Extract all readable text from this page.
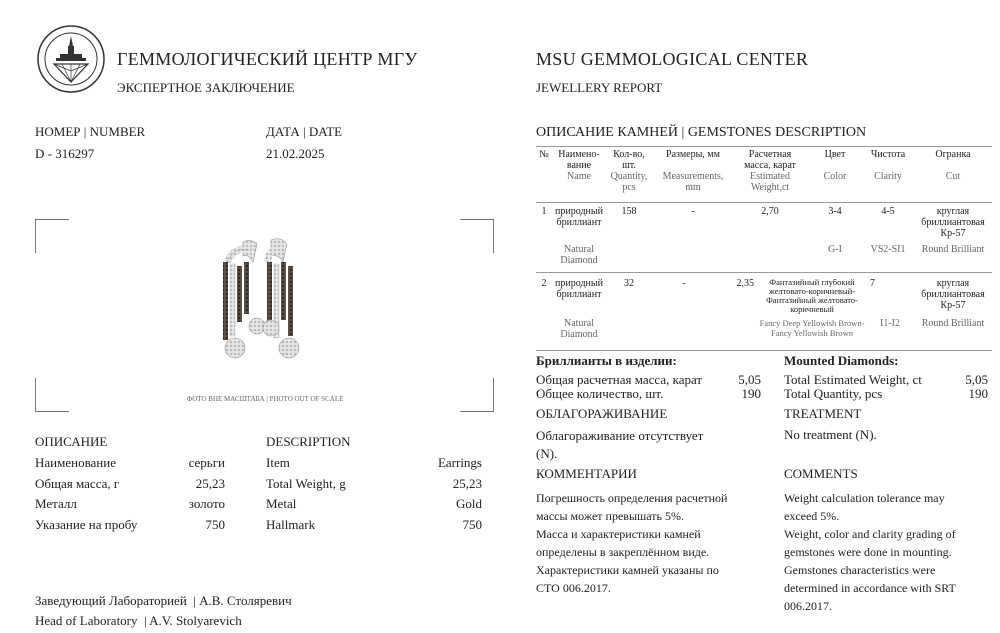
ГЕММОЛОГИЧЕСКИЙ ЦЕНТР МГУ
ЭКСПЕРТНОЕ ЗАКЛЮЧЕНИЕ
MSU GEMMOLOGICAL CENTER
JEWELLERY REPORT
НОМЕР | NUMBER
D - 316297
ДАТА | DATE
21.02.2025
ФОТО ВНЕ МАСШТАБА | PHOTO OUT OF SCALE
ОПИСАНИЕ
Наименование	серьги
Общая масса, г	25,23
Металл	золото
Указание на пробу	750
DESCRIPTION
Item	Earrings
Total Weight, g	25,23
Metal	Gold
Hallmark	750
Заведующий Лабораторией  | А.В. Столяревич
Head of Laboratory  | A.V. Stolyarevich
ОПИСАНИЕ КАМНЕЙ | GEMSTONES DESCRIPTION
№	Наимено-вание	Кол-во, шт.	Размеры, мм	Расчетная масса, карат	Цвет	Чистота	Огранка
	Name	Quantity, pcs	Measurements, mm	Estimated Weight,ct	Color	Clarity	Cut
1	природный бриллиант	158	-	2,70	3-4	4-5	круглая бриллиантовая Кр-57
	Natural Diamond				G-I	VS2-SI1	Round Brilliant
2	природный бриллиант	32	-	2,35	Фантазийный глубокий желтовато-коричневый-Фантазийный желтовато-коричневый	7	круглая бриллиантовая Кр-57
	Natural Diamond				Fancy Deep Yellowish Brown-Fancy Yellowish Brown	I1-I2	Round Brilliant
Бриллианты в изделии:
Общая расчетная масса, карат	5,05
Общее количество, шт.	190
Mounted Diamonds:
Total Estimated Weight, ct	5,05
Total Quantity, pcs	190
ОБЛАГОРАЖИВАНИЕ
Облагораживание отсутствует (N).
TREATMENT
No treatment (N).
КОММЕНТАРИИ
Погрешность определения расчетной
массы может превышать 5%.
Масса и характеристики камней
определены в закреплённом виде.
Характеристики камней указаны по
СТО 006.2017.
COMMENTS
Weight calculation tolerance may
exceed 5%.
Weight, color and clarity grading of
gemstones were done in mounting.
Gemstones characteristics were
determined in accordance with SRT
006.2017.
